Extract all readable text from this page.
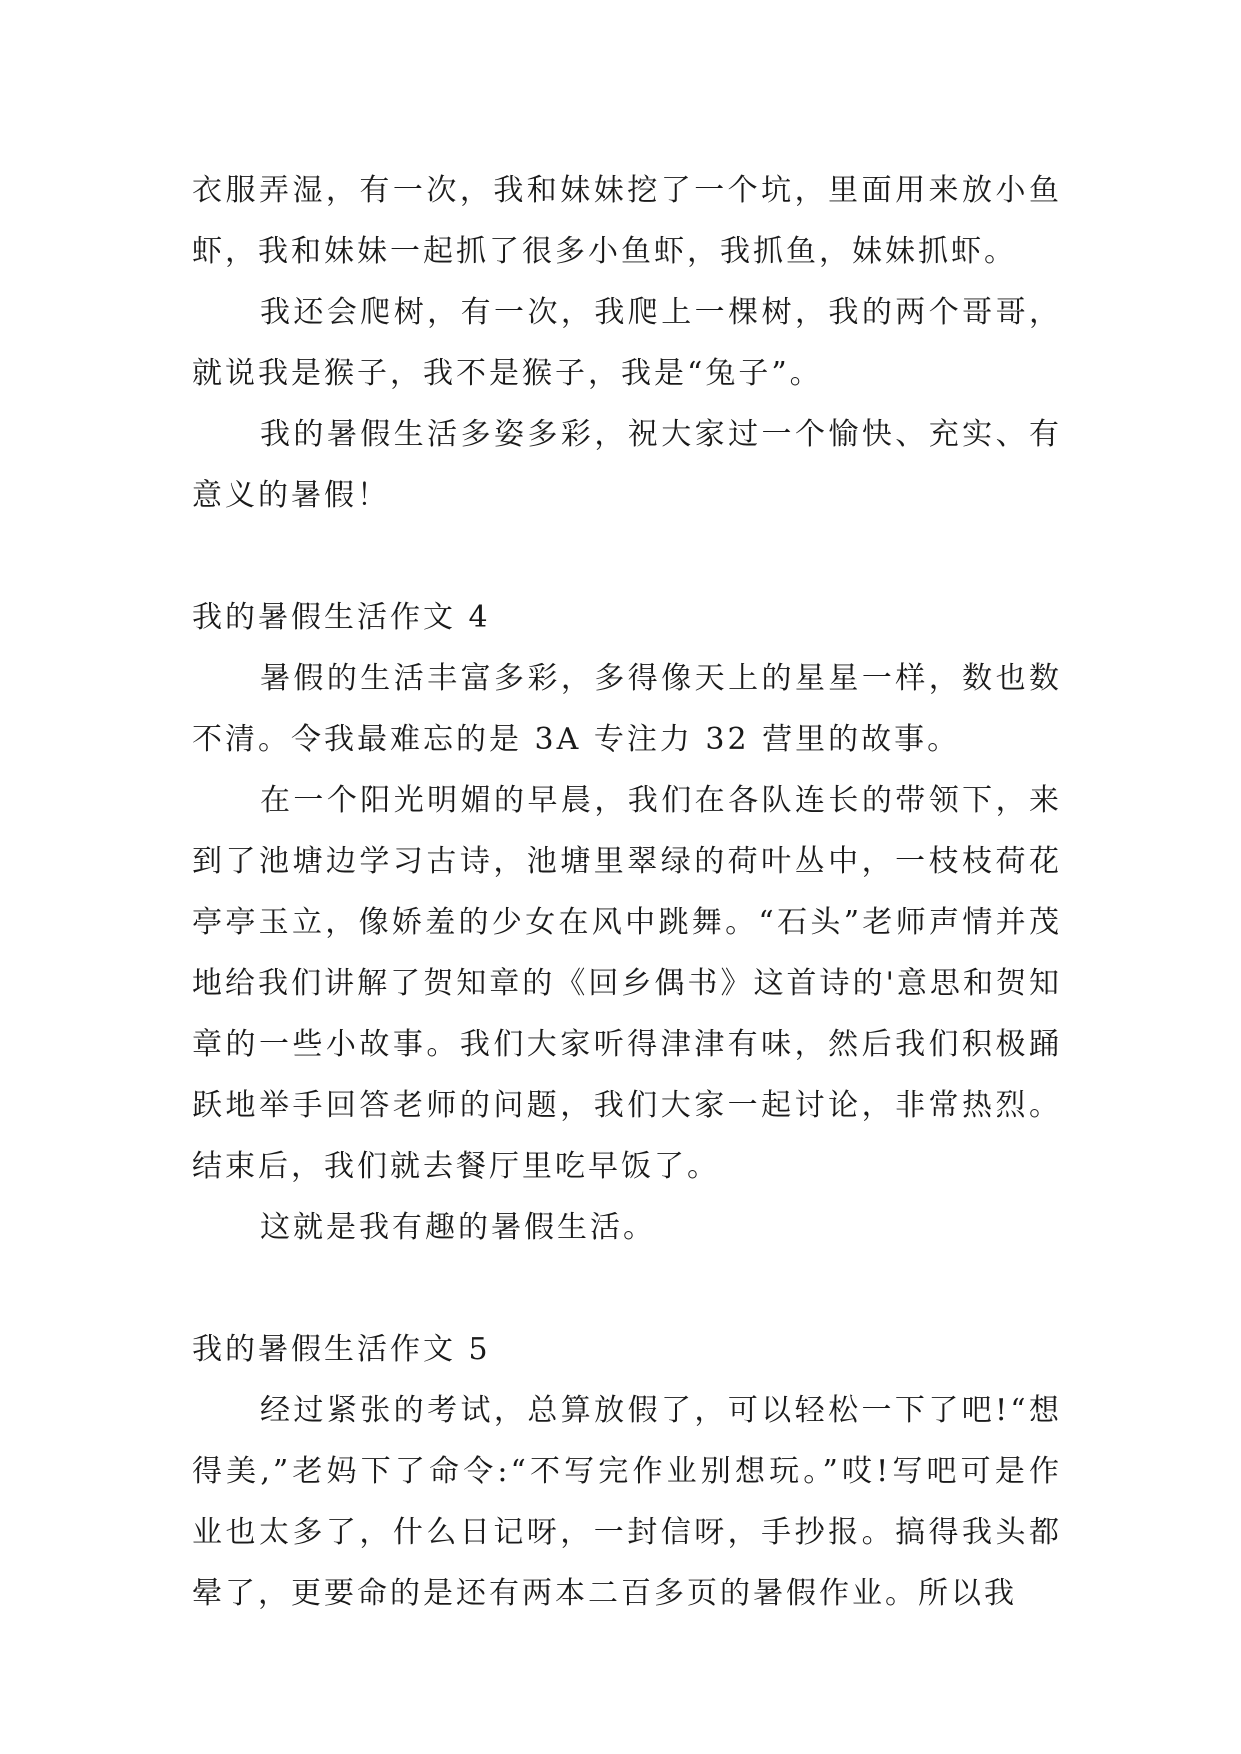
衣服弄湿，有一次，我和妹妹挖了一个坑，里面用来放小鱼虾，我和妹妹一起抓了很多小鱼虾，我抓鱼，妹妹抓虾。

我还会爬树，有一次，我爬上一棵树，我的两个哥哥，就说我是猴子，我不是猴子，我是“兔子”。

我的暑假生活多姿多彩，祝大家过一个愉快、充实、有意义的暑假！

我的暑假生活作文 4

暑假的生活丰富多彩，多得像天上的星星一样，数也数不清。令我最难忘的是 3A 专注力 32 营里的故事。

在一个阳光明媚的早晨，我们在各队连长的带领下，来到了池塘边学习古诗，池塘里翠绿的荷叶丛中，一枝枝荷花亭亭玉立，像娇羞的少女在风中跳舞。“石头”老师声情并茂地给我们讲解了贺知章的《回乡偶书》这首诗的'意思和贺知章的一些小故事。我们大家听得津津有味，然后我们积极踊跃地举手回答老师的问题，我们大家一起讨论，非常热烈。结束后，我们就去餐厅里吃早饭了。

这就是我有趣的暑假生活。

我的暑假生活作文 5

经过紧张的考试，总算放假了，可以轻松一下了吧!“想得美,”老妈下了命令:“不写完作业别想玩。”哎!写吧可是作业也太多了，什么日记呀，一封信呀，手抄报。搞得我头都晕了，更要命的是还有两本二百多页的暑假作业。所以我
